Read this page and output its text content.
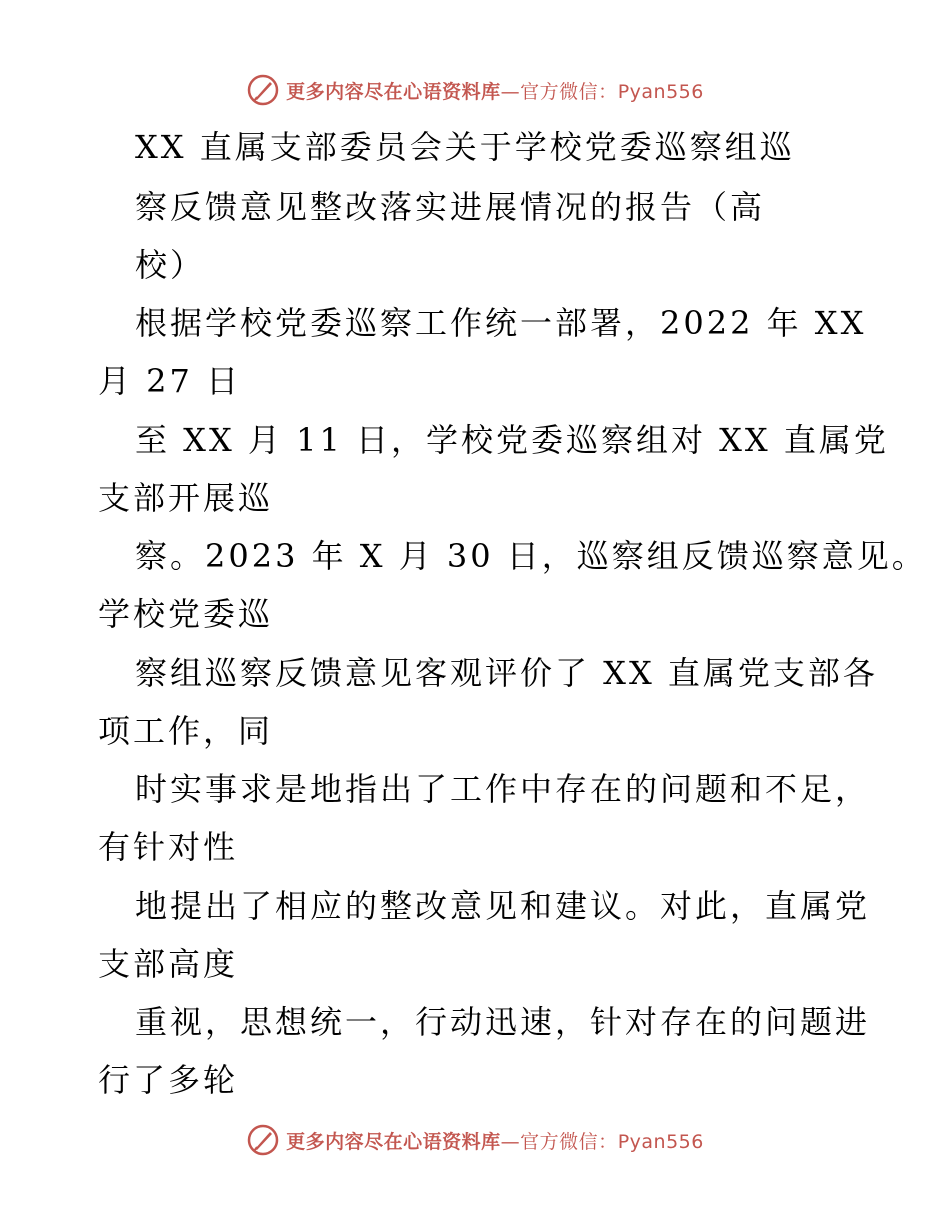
更多内容尽在心语资料库—官方微信：Pyan556
XX 直属支部委员会关于学校党委巡察组巡
察反馈意见整改落实进展情况的报告（高
校）
根据学校党委巡察工作统一部署，2022 年 XX
月 27 日
至 XX 月 11 日，学校党委巡察组对 XX 直属党
支部开展巡
察。2023 年 X 月 30 日，巡察组反馈巡察意见。
学校党委巡
察组巡察反馈意见客观评价了 XX 直属党支部各
项工作，同
时实事求是地指出了工作中存在的问题和不足，
有针对性
地提出了相应的整改意见和建议。对此，直属党
支部高度
重视，思想统一，行动迅速，针对存在的问题进
行了多轮
更多内容尽在心语资料库—官方微信：Pyan556
